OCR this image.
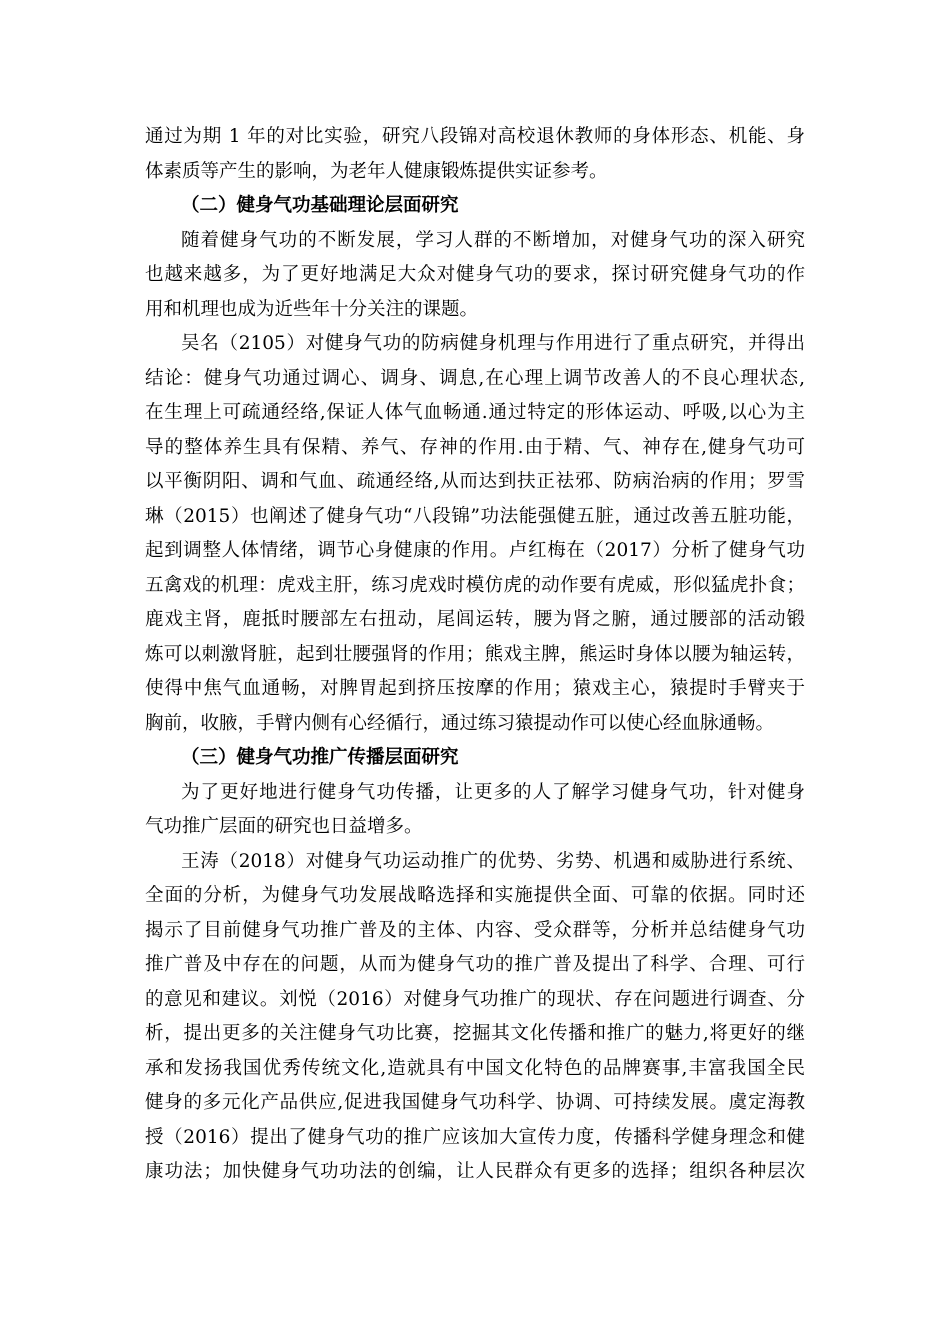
通过为期 1 年的对比实验，研究八段锦对高校退休教师的身体形态、机能、身
体素质等产生的影响，为老年人健康锻炼提供实证参考。
（二）健身气功基础理论层面研究
随着健身气功的不断发展，学习人群的不断增加，对健身气功的深入研究
也越来越多，为了更好地满足大众对健身气功的要求，探讨研究健身气功的作
用和机理也成为近些年十分关注的课题。
吴名（2105）对健身气功的防病健身机理与作用进行了重点研究，并得出
结论：健身气功通过调心、调身、调息,在心理上调节改善人的不良心理状态,
在生理上可疏通经络,保证人体气血畅通.通过特定的形体运动、呼吸,以心为主
导的整体养生具有保精、养气、存神的作用.由于精、气、神存在,健身气功可
以平衡阴阳、调和气血、疏通经络,从而达到扶正祛邪、防病治病的作用；罗雪
琳（2015）也阐述了健身气功“八段锦”功法能强健五脏，通过改善五脏功能，
起到调整人体情绪，调节心身健康的作用。卢红梅在（2017）分析了健身气功
五禽戏的机理：虎戏主肝，练习虎戏时模仿虎的动作要有虎威，形似猛虎扑食；
鹿戏主肾，鹿抵时腰部左右扭动，尾闾运转，腰为肾之腑，通过腰部的活动锻
炼可以刺激肾脏，起到壮腰强肾的作用；熊戏主脾，熊运时身体以腰为轴运转，
使得中焦气血通畅，对脾胃起到挤压按摩的作用；猿戏主心，猿提时手臂夹于
胸前，收腋，手臂内侧有心经循行，通过练习猿提动作可以使心经血脉通畅。
（三）健身气功推广传播层面研究
为了更好地进行健身气功传播，让更多的人了解学习健身气功，针对健身
气功推广层面的研究也日益增多。
王涛（2018）对健身气功运动推广的优势、劣势、机遇和威胁进行系统、
全面的分析，为健身气功发展战略选择和实施提供全面、可靠的依据。同时还
揭示了目前健身气功推广普及的主体、内容、受众群等，分析并总结健身气功
推广普及中存在的问题，从而为健身气功的推广普及提出了科学、合理、可行
的意见和建议。刘悦（2016）对健身气功推广的现状、存在问题进行调查、分
析，提出更多的关注健身气功比赛，挖掘其文化传播和推广的魅力,将更好的继
承和发扬我国优秀传统文化,造就具有中国文化特色的品牌赛事,丰富我国全民
健身的多元化产品供应,促进我国健身气功科学、协调、可持续发展。虞定海教
授（2016）提出了健身气功的推广应该加大宣传力度，传播科学健身理念和健
康功法；加快健身气功功法的创编，让人民群众有更多的选择；组织各种层次
